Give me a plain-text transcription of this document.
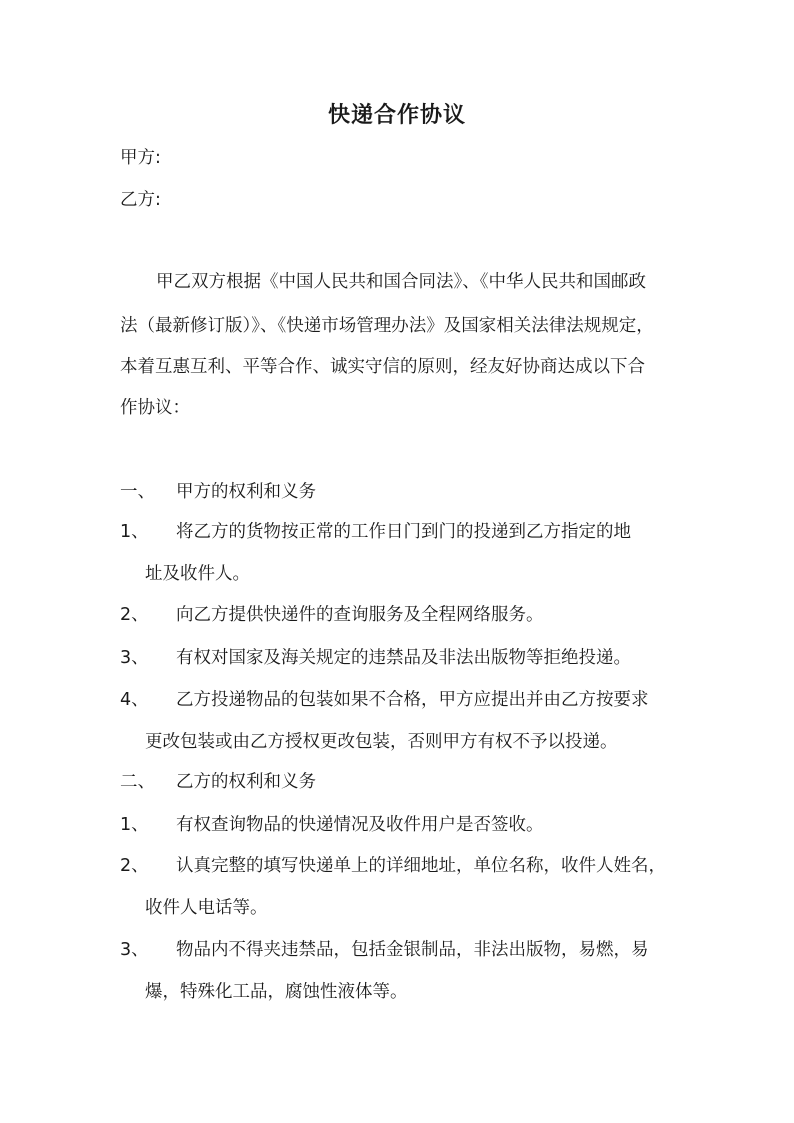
快递合作协议
甲方:
乙方:
甲乙双方根据《中国人民共和国合同法》、《中华人民共和国邮政
法（最新修订版）》、《快递市场管理办法》及国家相关法律法规规定，
本着互惠互利、平等合作、诚实守信的原则，经友好协商达成以下合
作协议：
一、 甲方的权利和义务
1、 将乙方的货物按正常的工作日门到门的投递到乙方指定的地
址及收件人。
2、 向乙方提供快递件的查询服务及全程网络服务。
3、 有权对国家及海关规定的违禁品及非法出版物等拒绝投递。
4、 乙方投递物品的包装如果不合格，甲方应提出并由乙方按要求
更改包装或由乙方授权更改包装，否则甲方有权不予以投递。
二、 乙方的权利和义务
1、 有权查询物品的快递情况及收件用户是否签收。
2、 认真完整的填写快递单上的详细地址，单位名称，收件人姓名，
收件人电话等。
3、 物品内不得夹违禁品，包括金银制品，非法出版物，易燃，易
爆，特殊化工品，腐蚀性液体等。
